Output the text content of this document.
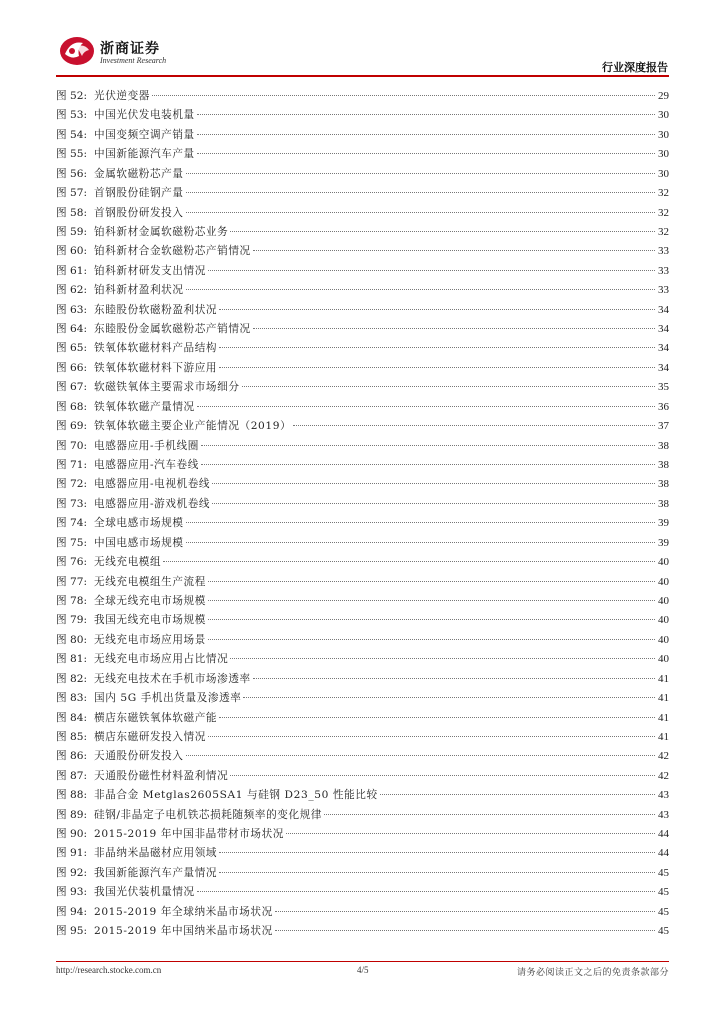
浙商证券
Investment Research
行业深度报告
图 52: 光伏逆变器	29
图 53: 中国光伏发电装机量	30
图 54: 中国变频空调产销量	30
图 55: 中国新能源汽车产量	30
图 56: 金属软磁粉芯产量	30
图 57: 首钢股份硅钢产量	32
图 58: 首钢股份研发投入	32
图 59: 铂科新材金属软磁粉芯业务	32
图 60: 铂科新材合金软磁粉芯产销情况	33
图 61: 铂科新材研发支出情况	33
图 62: 铂科新材盈利状况	33
图 63: 东睦股份软磁粉盈利状况	34
图 64: 东睦股份金属软磁粉芯产销情况	34
图 65: 铁氧体软磁材料产品结构	34
图 66: 铁氧体软磁材料下游应用	34
图 67: 软磁铁氧体主要需求市场细分	35
图 68: 铁氧体软磁产量情况	36
图 69: 铁氧体软磁主要企业产能情况（2019）	37
图 70: 电感器应用-手机线圈	38
图 71: 电感器应用-汽车卷线	38
图 72: 电感器应用-电视机卷线	38
图 73: 电感器应用-游戏机卷线	38
图 74: 全球电感市场规模	39
图 75: 中国电感市场规模	39
图 76: 无线充电模组	40
图 77: 无线充电模组生产流程	40
图 78: 全球无线充电市场规模	40
图 79: 我国无线充电市场规模	40
图 80: 无线充电市场应用场景	40
图 81: 无线充电市场应用占比情况	40
图 82: 无线充电技术在手机市场渗透率	41
图 83: 国内 5G 手机出货量及渗透率	41
图 84: 横店东磁铁氧体软磁产能	41
图 85: 横店东磁研发投入情况	41
图 86: 天通股份研发投入	42
图 87: 天通股份磁性材料盈利情况	42
图 88: 非晶合金 Metglas2605SA1 与硅钢 D23_50 性能比较	43
图 89: 硅钢/非晶定子电机铁芯损耗随频率的变化规律	43
图 90: 2015-2019 年中国非晶带材市场状况	44
图 91: 非晶纳米晶磁材应用领域	44
图 92: 我国新能源汽车产量情况	45
图 93: 我国光伏装机量情况	45
图 94: 2015-2019 年全球纳米晶市场状况	45
图 95: 2015-2019 年中国纳米晶市场状况	45
http://research.stocke.com.cn	4/5	请务必阅读正文之后的免责条款部分
